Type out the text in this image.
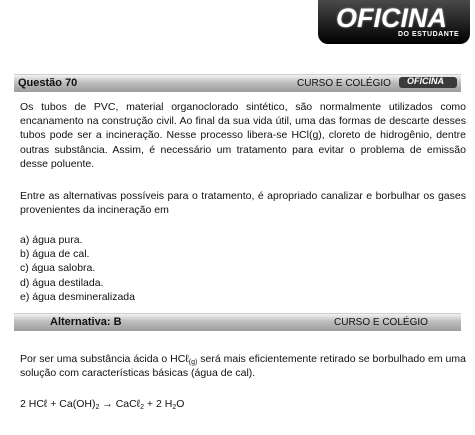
OFICINA
DO ESTUDANTE
Questão 70	CURSO E COLÉGIO OFICINA
Os tubos de PVC, material organoclorado sintético, são normalmente utilizados como encanamento na construção civil. Ao final da sua vida útil, uma das formas de descarte desses tubos pode ser a incineração. Nesse processo libera-se HCl(g), cloreto de hidrogênio, dentre outras substância. Assim, é necessário um tratamento para evitar o problema de emissão desse poluente.
Entre as alternativas possíveis para o tratamento, é apropriado canalizar e borbulhar os gases provenientes da incineração em
a) água pura.
b) água de cal.
c) água salobra.
d) água destilada.
e) água desmineralizada
Alternativa: B	CURSO E COLÉGIO
Por ser uma substância ácida o HCℓ$_{(g)}$ será mais eficientemente retirado se borbulhado em uma solução com características básicas (água de cal).
2 HCℓ + $Ca(OH)_2$ → CaCℓ$_2$ + 2 $H_2O$
